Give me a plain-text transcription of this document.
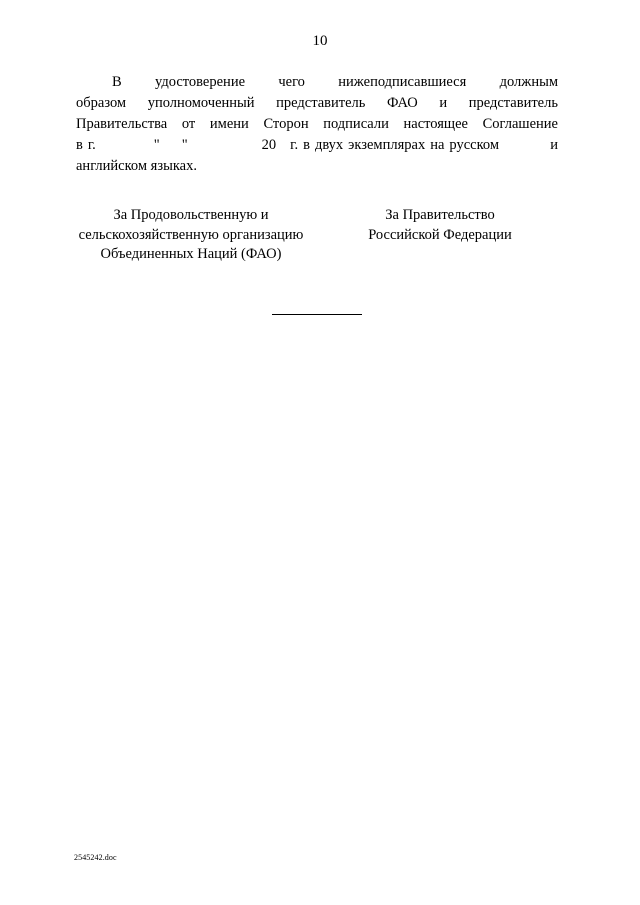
10
В удостоверение чего нижеподписавшиеся должным
образом уполномоченный представитель ФАО и представитель
Правительства от имени Сторон подписали настоящее Соглашение
в г.	" "	20 г. в двух экземплярах на русском	и
английском языках.
За Продовольственную и
сельскохозяйственную организацию
Объединенных Наций (ФАО)
За Правительство
Российской Федерации
2545242.doc
